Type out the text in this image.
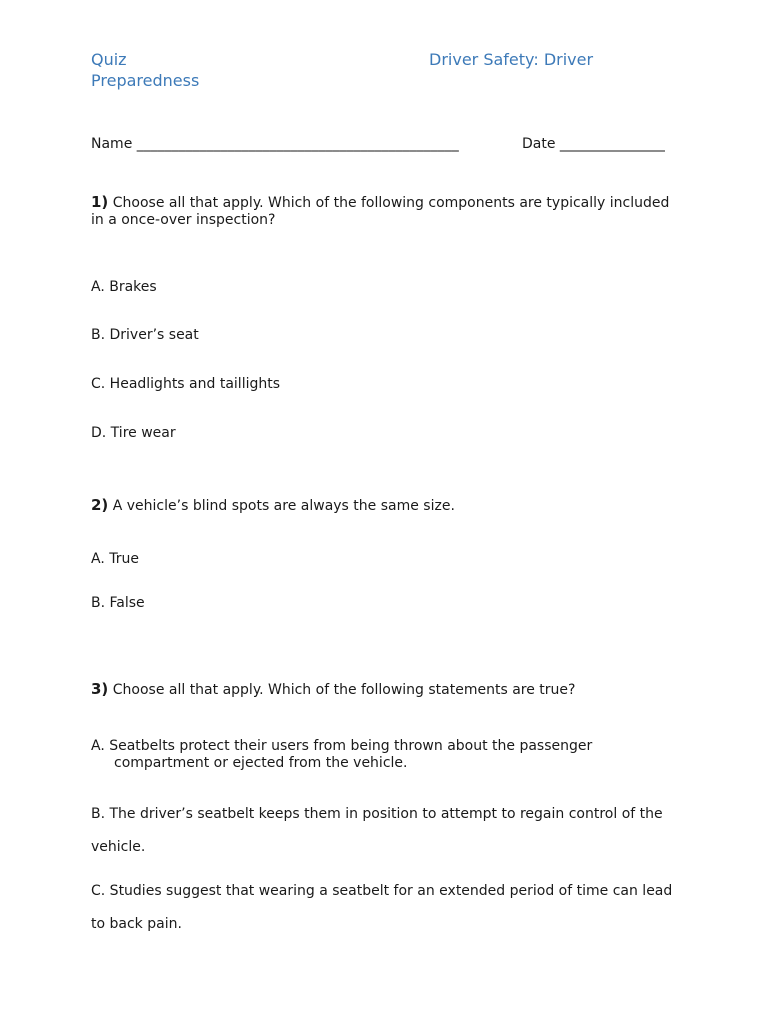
Quiz
Preparedness
Driver Safety: Driver
Name ______________________________________________	Date _______________
1) Choose all that apply. Which of the following components are typically included in a once-over inspection?
A. Brakes
B. Driver’s seat
C. Headlights and taillights
D. Tire wear
2) A vehicle’s blind spots are always the same size.
A. True
B. False
3) Choose all that apply. Which of the following statements are true?
A. Seatbelts protect their users from being thrown about the passenger
compartment or ejected from the vehicle.
B. The driver’s seatbelt keeps them in position to attempt to regain control of the
vehicle.
C. Studies suggest that wearing a seatbelt for an extended period of time can lead
to back pain.
